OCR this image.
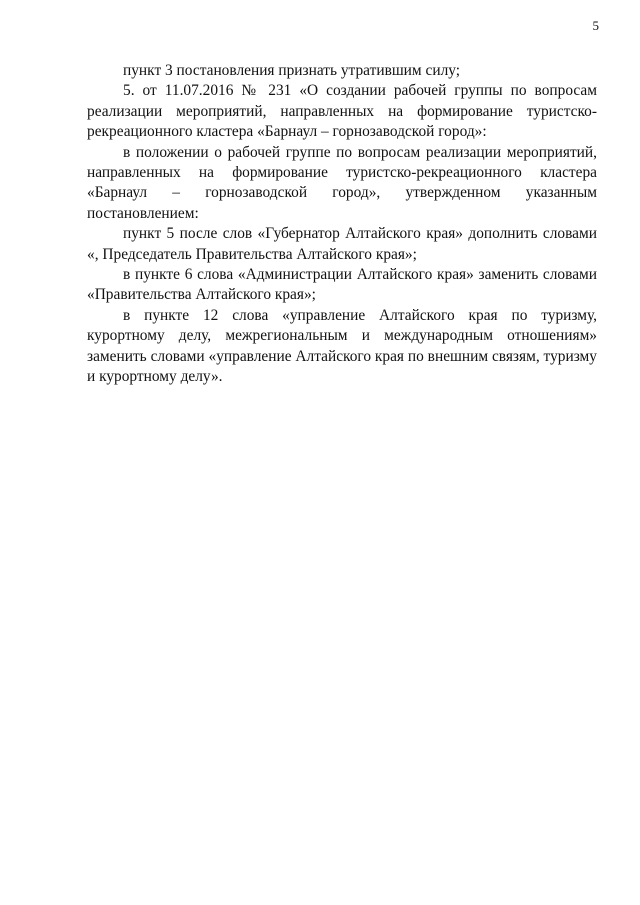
5

пункт 3 постановления признать утратившим силу;

5. от 11.07.2016 № 231 «О создании рабочей группы по вопросам реализации мероприятий, направленных на формирование туристско-рекреационного кластера «Барнаул – горнозаводской город»:

в положении о рабочей группе по вопросам реализации мероприятий, направленных на формирование туристско-рекреационного кластера «Барнаул – горнозаводской город», утвержденном указанным постановлением:

пункт 5 после слов «Губернатор Алтайского края» дополнить словами «, Председатель Правительства Алтайского края»;

в пункте 6 слова «Администрации Алтайского края» заменить словами «Правительства Алтайского края»;

в пункте 12 слова «управление Алтайского края по туризму, курортному делу, межрегиональным и международным отношениям» заменить словами «управление Алтайского края по внешним связям, туризму и курортному делу».
